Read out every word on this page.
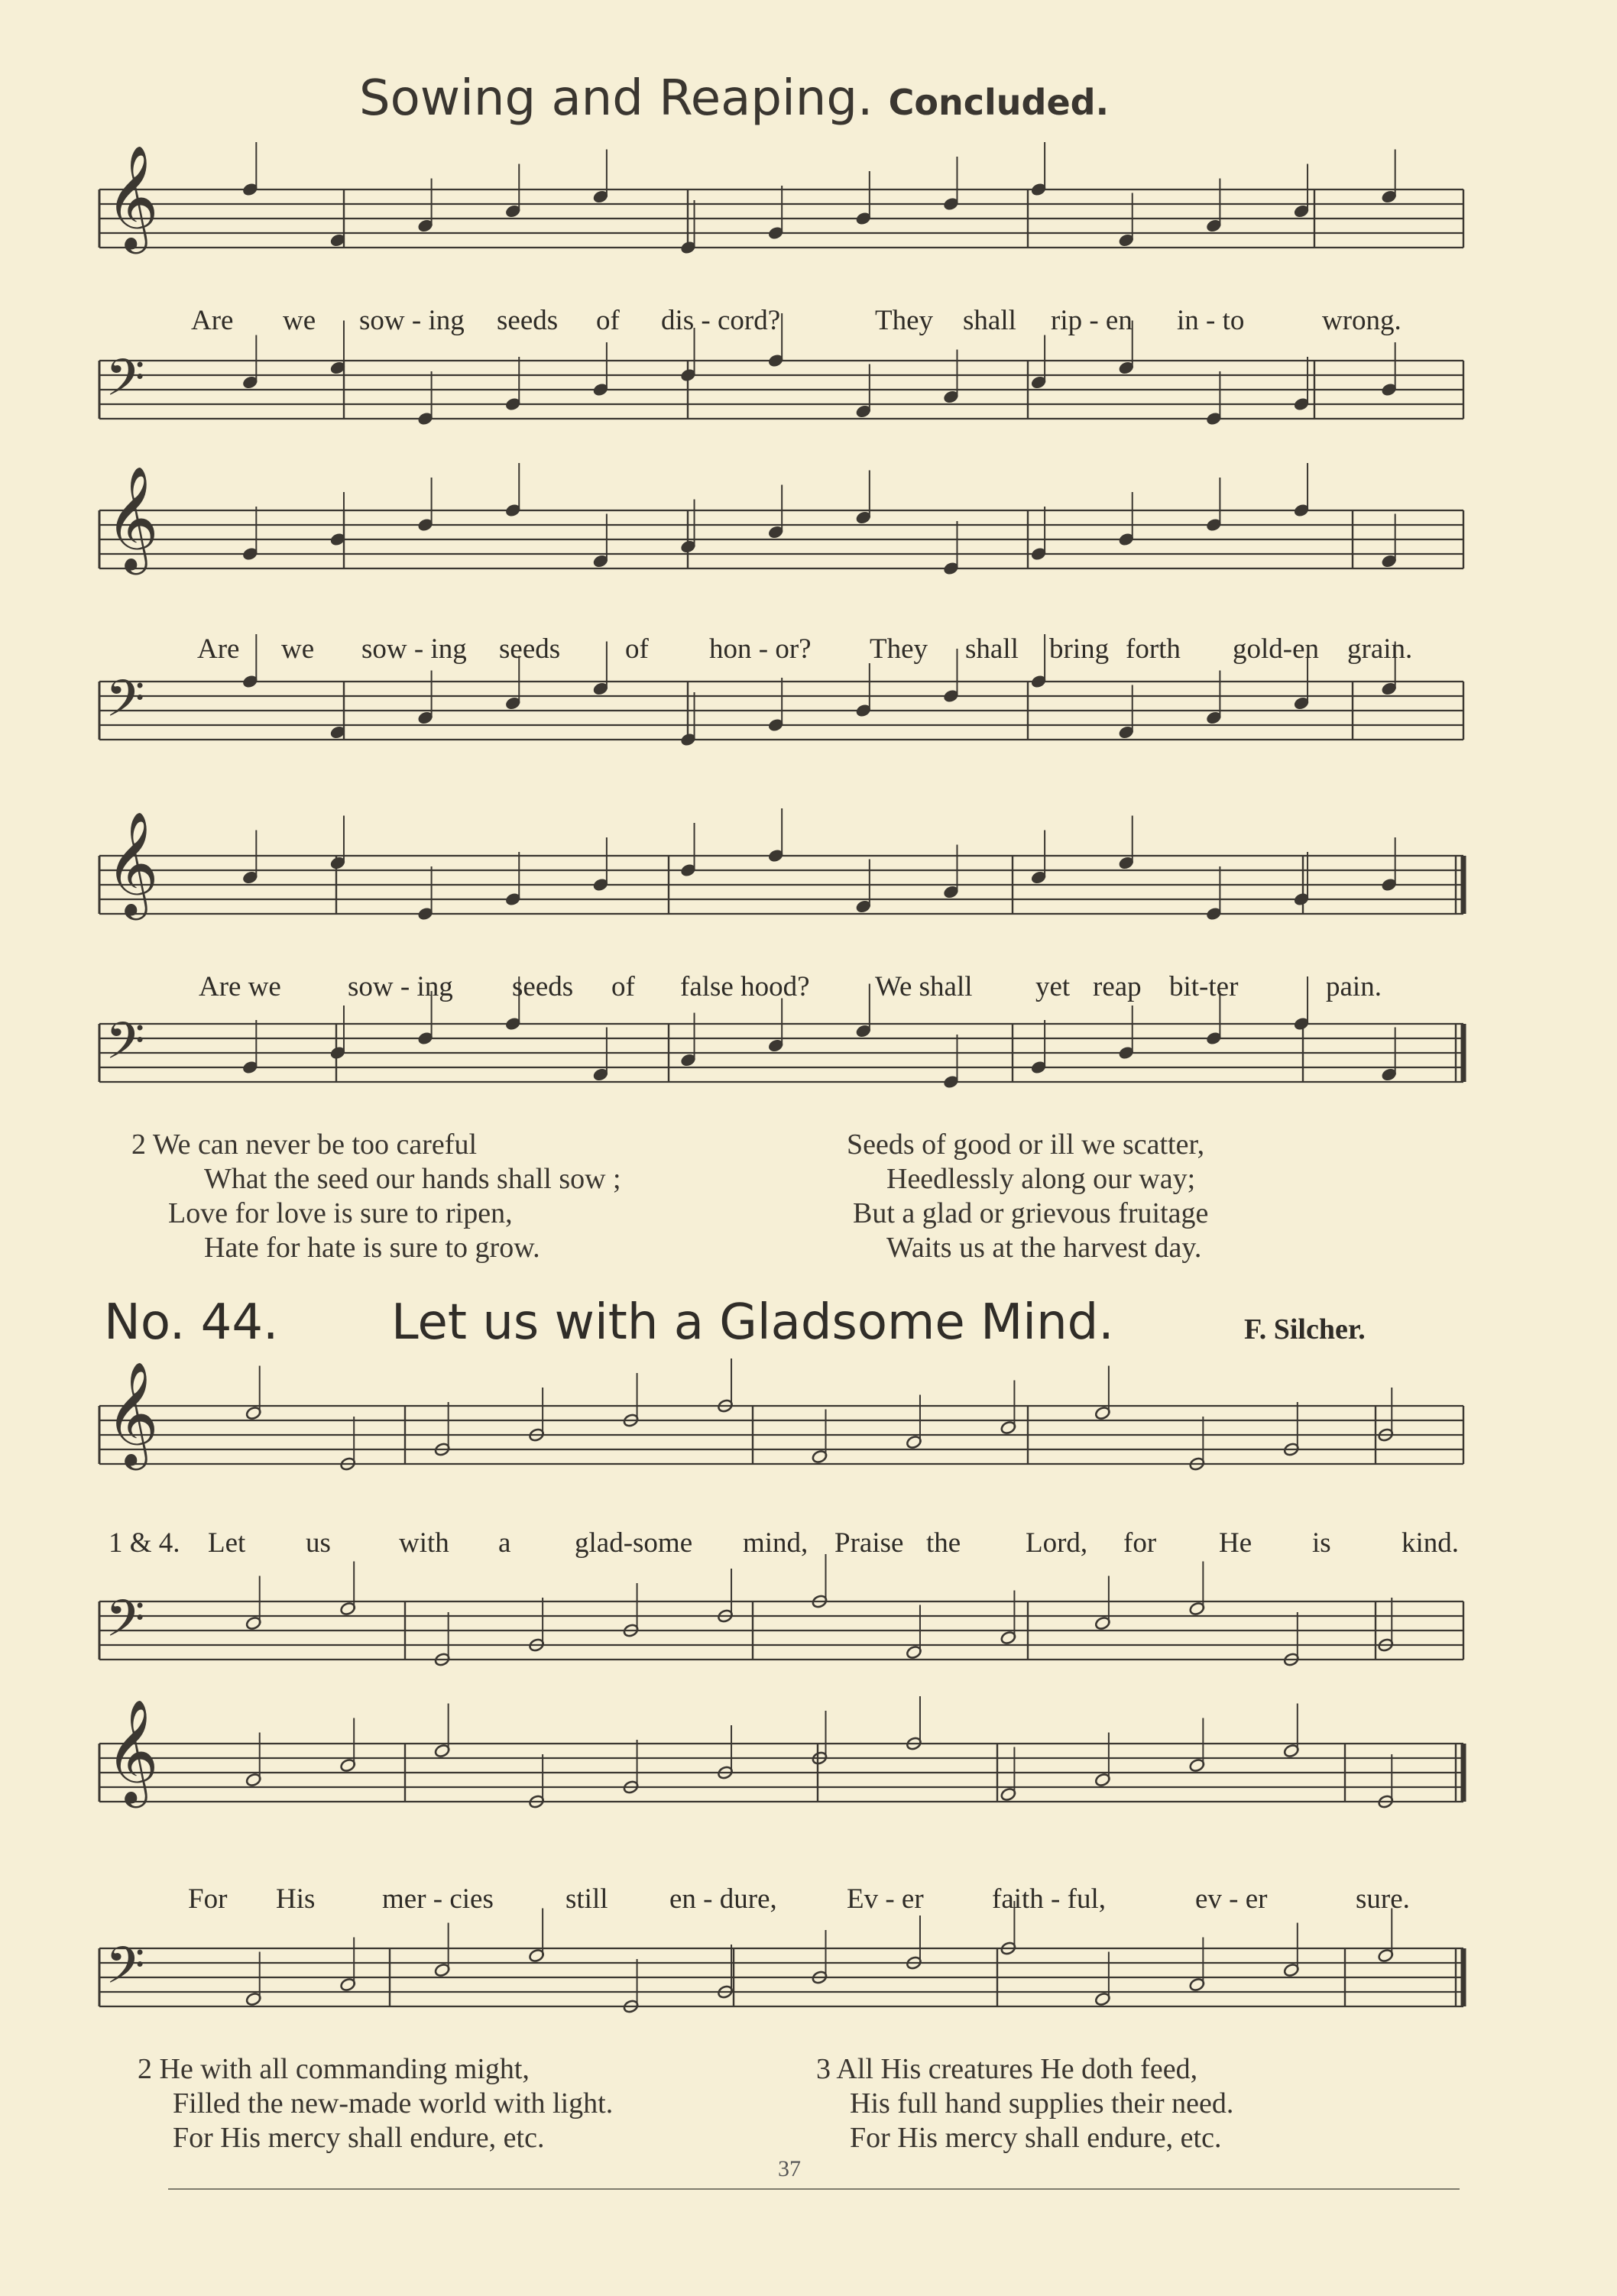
𝄞
𝄢
𝄞
𝄢
𝄞
𝄢
𝄞
𝄢
𝄞
𝄢
Sowing and Reaping. Concluded.
Are we sow - ing seeds of dis - cord?	They shall rip - en in - to	wrong.
Are we sow - ing seeds of hon - or? They shall bring forth gold-en grain.
Are we sow - ing seeds of false hood? We shall yet reap bit-ter	pain.
2 We can never be too careful
What the seed our hands shall sow ;
Love for love is sure to ripen,
Hate for hate is sure to grow.
Seeds of good or ill we scatter,
Heedlessly along our way;
But a glad or grievous fruitage
Waits us at the harvest day.
No. 44. Let us with a Gladsome Mind.	F. Silcher.
1 & 4. Let us with a glad-some mind, Praise the Lord, for He is kind.
For His mer - cies	still en - dure, Ev - er faith - ful,	ev - er	sure.
2 He with all commanding might,
Filled the new-made world with light.
For His mercy shall endure, etc.
3 All His creatures He doth feed,
His full hand supplies their need.
For His mercy shall endure, etc.
37
